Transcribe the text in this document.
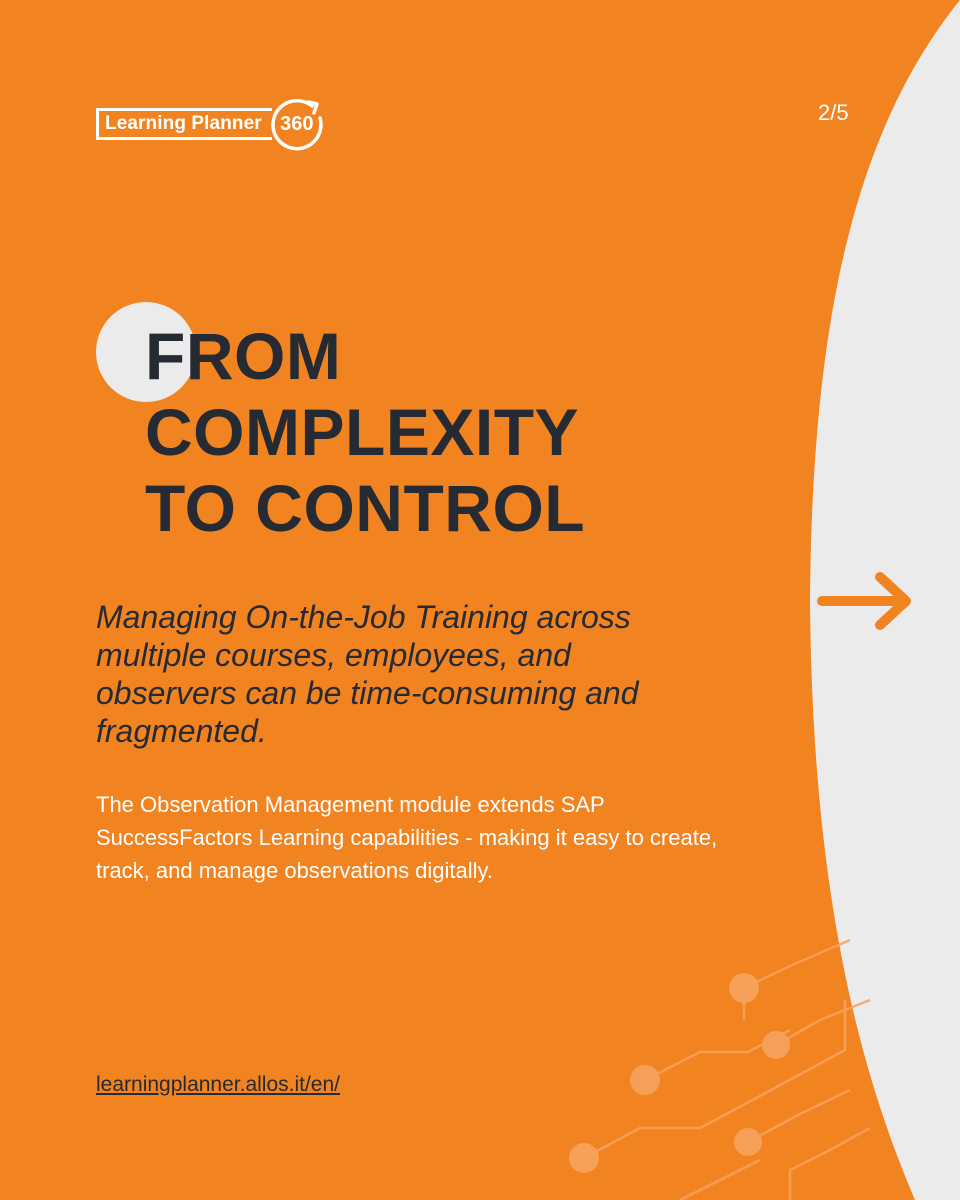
Learning Planner 360	2/5
FROM
COMPLEXITY
TO CONTROL

Managing On-the-Job Training across multiple courses, employees, and observers can be time-consuming and fragmented.

The Observation Management module extends SAP SuccessFactors Learning capabilities - making it easy to create, track, and manage observations digitally.

learningplanner.allos.it/en/
